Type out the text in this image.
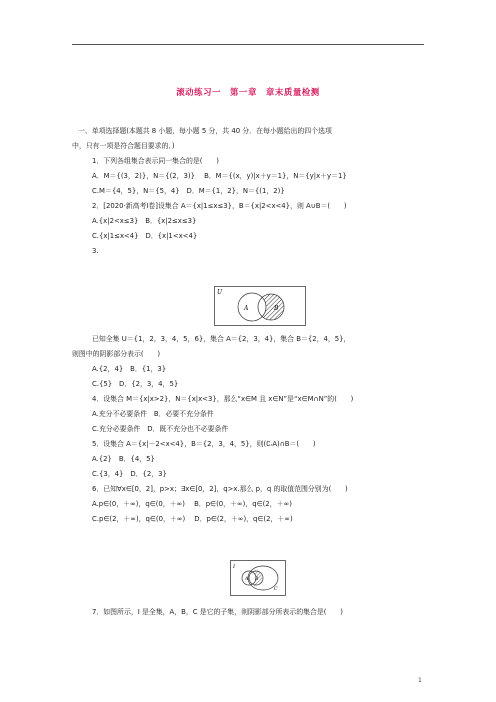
滚动练习一　第一章　章末质量检测
一、单项选择题(本题共 8 小题，每小题 5 分，共 40 分．在每小题给出的四个选项
中，只有一项是符合题目要求的．)
1．下列各组集合表示同一集合的是(　　)
A．M＝{(3，2)}，N＝{(2，3)}　 B．M＝{(x，y)|x＋y＝1}，N＝{y|x＋y＝1}
C.M＝{4，5}，N＝{5，4}　D．M＝{1，2}，N＝{(1，2)}
2．[2020·新高考Ⅰ卷]设集合 A＝{x|1≤x≤3}，B＝{x|2<x<4}，则 A∪B＝(　　)
A.{x|2<x≤3}　B．{x|2≤x≤3}
C.{x|1≤x<4}　D．{x|1<x<4}
3.
已知全集 U＝{1，2，3，4，5，6}，集合 A＝{2，3，4}，集合 B＝{2，4，5}，
则图中的阴影部分表示(　　)
A.{2，4}　B．{1，3}
C.{5}　D．{2，3，4，5}
4．设集合 M＝{x|x>2}，N＝{x|x<3}，那么“x∈M 且 x∈N”是“x∈M∩N”的(　　)
A.充分不必要条件　B．必要不充分条件
C.充分必要条件　D．既不充分也不必要条件
5．设集合 A＝{x|－2<x<4}，B＝{2，3，4，5}，则(∁ᵣA)∩B＝(　　)
A.{2}　B．{4，5}
C.{3，4}　D．{2，3}
6．已知∀x∈[0，2]，p>x；∃x∈[0，2]，q>x.那么 p，q 的取值范围分别为(　　)
A.p∈(0，＋∞)，q∈(0，＋∞)　 B．p∈(0，＋∞)，q∈(2，＋∞)
C.p∈(2，＋∞)，q∈(0，＋∞)　 D．p∈(2，＋∞)，q∈(2，＋∞)
7．如图所示，I 是全集，A，B，C 是它的子集，则阴影部分所表示的集合是(　　)
U
A	B
I
A B
C
1
